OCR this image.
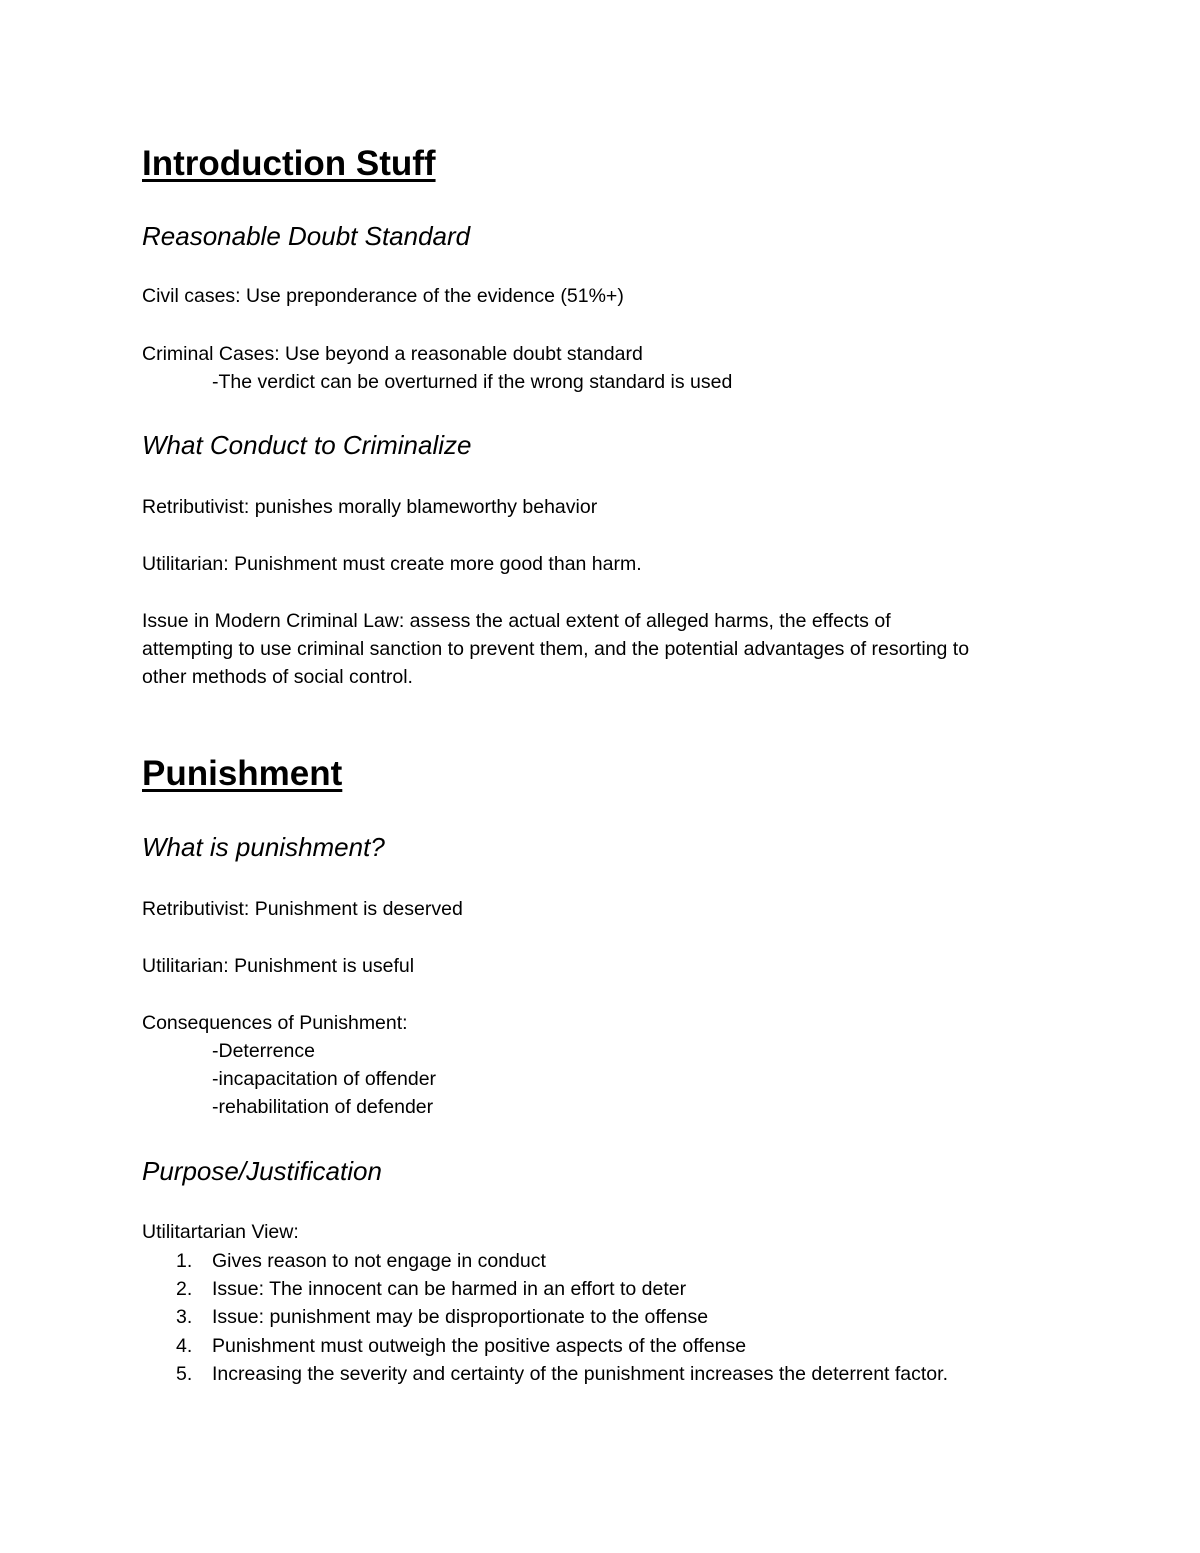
Introduction Stuff
Reasonable Doubt Standard
Civil cases: Use preponderance of the evidence (51%+)
Criminal Cases: Use beyond a reasonable doubt standard
-The verdict can be overturned if the wrong standard is used
What Conduct to Criminalize
Retributivist: punishes morally blameworthy behavior
Utilitarian: Punishment must create more good than harm.
Issue in Modern Criminal Law: assess the actual extent of alleged harms, the effects of
attempting to use criminal sanction to prevent them, and the potential advantages of resorting to
other methods of social control.
Punishment
What is punishment?
Retributivist: Punishment is deserved
Utilitarian: Punishment is useful
Consequences of Punishment:
-Deterrence
-incapacitation of offender
-rehabilitation of defender
Purpose/Justification
Utilitartarian View:
1. Gives reason to not engage in conduct
2. Issue: The innocent can be harmed in an effort to deter
3. Issue: punishment may be disproportionate to the offense
4. Punishment must outweigh the positive aspects of the offense
5. Increasing the severity and certainty of the punishment increases the deterrent factor.
